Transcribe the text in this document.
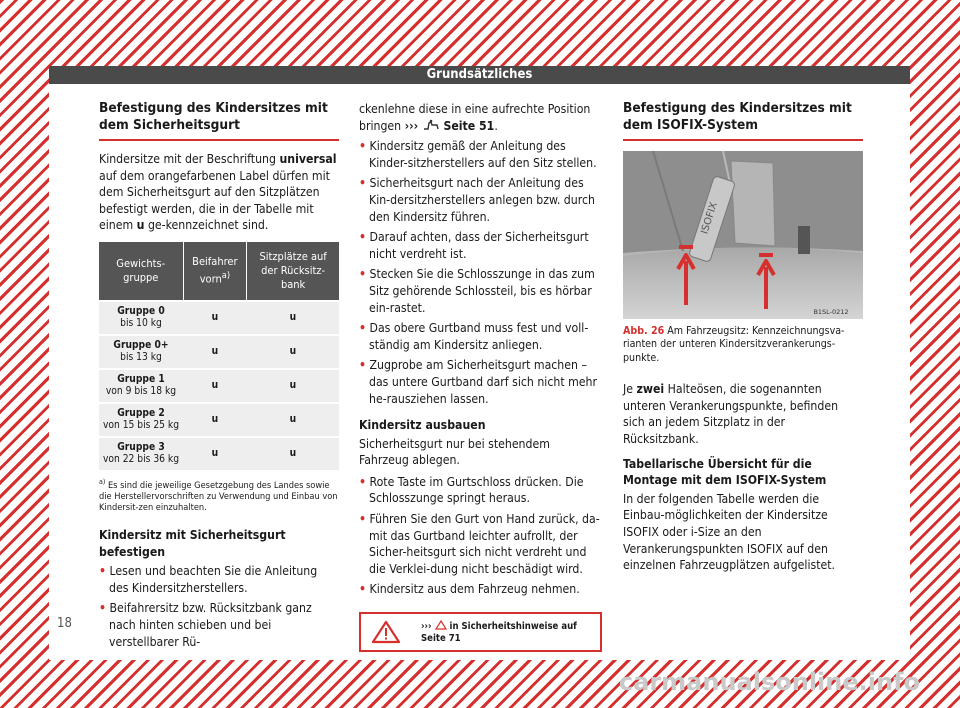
Grundsätzliches
Befestigung des Kindersitzes mit dem Sicherheitsgurt

Kindersitze mit der Beschriftung universal auf dem orangefarbenen Label dürfen mit dem Sicherheitsgurt auf den Sitzplätzen befestigt werden, die in der Tabelle mit einem u ge-kennzeichnet sind.

Gewichts-gruppe	Beifahrer vorn$^{a)}$	Sitzplätze auf der Rücksitz-bank

Gruppe 0
bis 10 kg	u	u

Gruppe 0+
bis 13 kg	u	u

Gruppe 1
von 9 bis 18 kg	u	u

Gruppe 2
von 15 bis 25 kg	u	u

Gruppe 3
von 22 bis 36 kg	u	u
$^{a)}$ Es sind die jeweilige Gesetzgebung des Landes sowie die Herstellervorschriften zu Verwendung und Einbau von Kindersit-zen einzuhalten.

Kindersitz mit Sicherheitsgurt befestigen

• Lesen und beachten Sie die Anleitung des Kindersitzherstellers.

• Beifahrersitz bzw. Rücksitzbank ganz nach hinten schieben und bei verstellbarer Rü-

ckenlehne diese in eine aufrechte Position bringen ›››  Seite 51.

• Kindersitz gemäß der Anleitung des Kinder-sitzherstellers auf den Sitz stellen.

• Sicherheitsgurt nach der Anleitung des Kin-dersitzherstellers anlegen bzw. durch den Kindersitz führen.

• Darauf achten, dass der Sicherheitsgurt nicht verdreht ist.

• Stecken Sie die Schlosszunge in das zum Sitz gehörende Schlossteil, bis es hörbar ein-rastet.

• Das obere Gurtband muss fest und voll-ständig am Kindersitz anliegen.

• Zugprobe am Sicherheitsgurt machen – das untere Gurtband darf sich nicht mehr he-rausziehen lassen.

Kindersitz ausbauen

Sicherheitsgurt nur bei stehendem Fahrzeug ablegen.

• Rote Taste im Gurtschloss drücken. Die Schlosszunge springt heraus.

• Führen Sie den Gurt von Hand zurück, da-mit das Gurtband leichter aufrollt, der Sicher-heitsgurt sich nicht verdreht und die Verklei-dung nicht beschädigt wird.

• Kindersitz aus dem Fahrzeug nehmen.

›››  in Sicherheitshinweise auf
Seite 71
Befestigung des Kindersitzes mit dem ISOFIX-System
ISOFIX
B1SL-0212
Abb. 26 Am Fahrzeugsitz: Kennzeichnungsva-rianten der unteren Kindersitzverankerungs-punkte.

Je zwei Halteösen, die sogenannten unteren Verankerungspunkte, befinden sich an jedem Sitzplatz in der Rücksitzbank.

Tabellarische Übersicht für die Montage mit dem ISOFIX-System

In der folgenden Tabelle werden die Einbau-möglichkeiten der Kindersitze ISOFIX oder i-Size an den Verankerungspunkten ISOFIX auf den einzelnen Fahrzeugplätzen aufgelistet.

18
carmanualsonline.info
